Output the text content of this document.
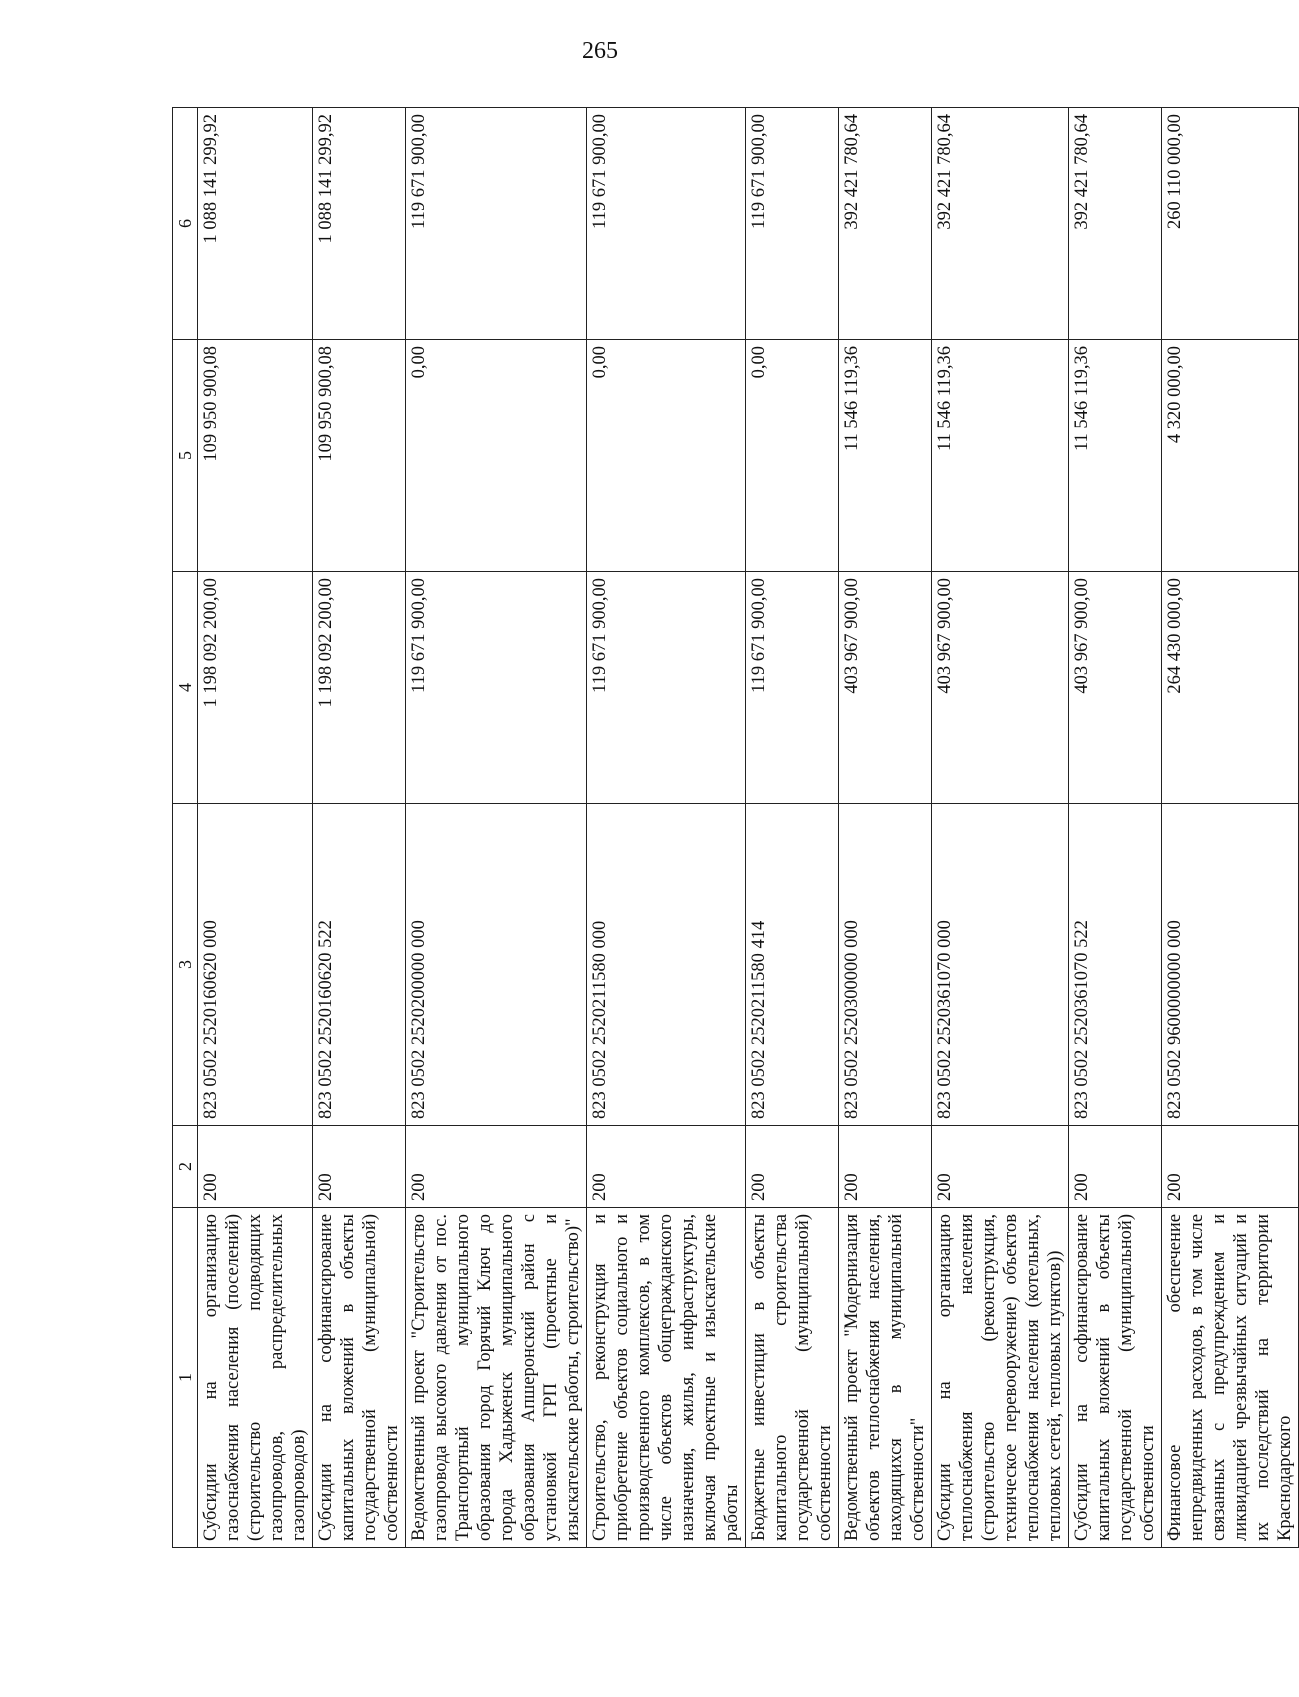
265
1	2	3	4	5	6
Субсидии на организацию газоснабжения населения (поселений) (строительство подводящих газопроводов, распределительных газопроводов)	200	823 0502 2520160620 000	1 198 092 200,00	109 950 900,08	1 088 141 299,92
Субсидии на софинансирование капитальных вложений в объекты государственной (муниципальной) собственности	200	823 0502 2520160620 522	1 198 092 200,00	109 950 900,08	1 088 141 299,92
Ведомственный проект "Строительство газопровода высокого давления от пос. Транспортный муниципального образования город Горячий Ключ до города Хадыженск муниципального образования Апшеронский район с установкой ГРП (проектные и изыскательские работы, строительство)"	200	823 0502 2520200000 000	119 671 900,00	0,00	119 671 900,00
Строительство, реконструкция и приобретение объектов социального и производственного комплексов, в том числе объектов общегражданского назначения, жилья, инфраструктуры, включая проектные и изыскательские работы	200	823 0502 2520211580 000	119 671 900,00	0,00	119 671 900,00
Бюджетные инвестиции в объекты капитального строительства государственной (муниципальной) собственности	200	823 0502 2520211580 414	119 671 900,00	0,00	119 671 900,00
Ведомственный проект "Модернизация объектов теплоснабжения населения, находящихся в муниципальной собственности"	200	823 0502 2520300000 000	403 967 900,00	11 546 119,36	392 421 780,64
Субсидии на организацию теплоснабжения населения (строительство (реконструкция, техническое перевооружение) объектов теплоснабжения населения (котельных, тепловых сетей, тепловых пунктов))	200	823 0502 2520361070 000	403 967 900,00	11 546 119,36	392 421 780,64
Субсидии на софинансирование капитальных вложений в объекты государственной (муниципальной) собственности	200	823 0502 2520361070 522	403 967 900,00	11 546 119,36	392 421 780,64
Финансовое обеспечение непредвиденных расходов, в том числе связанных с предупреждением и ликвидацией чрезвычайных ситуаций и их последствий на территории Краснодарского	200	823 0502 9600000000 000	264 430 000,00	4 320 000,00	260 110 000,00
